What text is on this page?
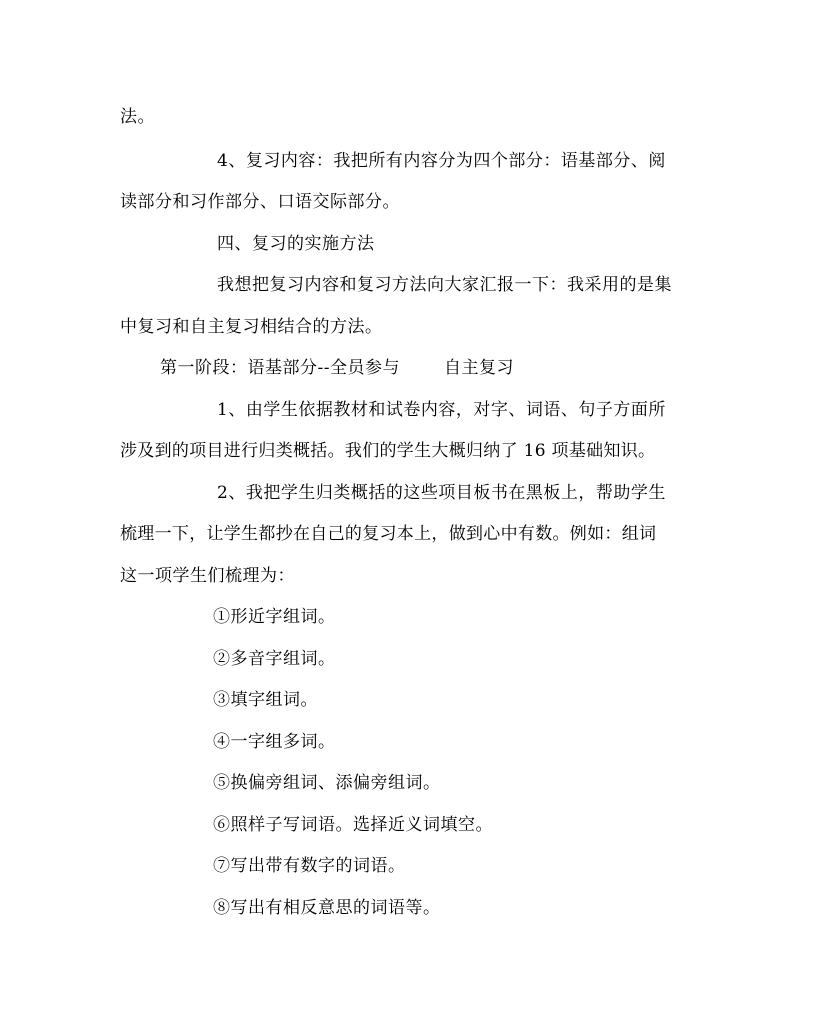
法。
4、复习内容：我把所有内容分为四个部分：语基部分、阅
读部分和习作部分、口语交际部分。
四、复习的实施方法
我想把复习内容和复习方法向大家汇报一下：我采用的是集
中复习和自主复习相结合的方法。
第一阶段：语基部分--全员参与	自主复习
1、由学生依据教材和试卷内容，对字、词语、句子方面所
涉及到的项目进行归类概括。我们的学生大概归纳了 16 项基础知识。
2、我把学生归类概括的这些项目板书在黑板上，帮助学生
梳理一下，让学生都抄在自己的复习本上，做到心中有数。例如：组词
这一项学生们梳理为：
①形近字组词。
②多音字组词。
③填字组词。
④一字组多词。
⑤换偏旁组词、添偏旁组词。
⑥照样子写词语。选择近义词填空。
⑦写出带有数字的词语。
⑧写出有相反意思的词语等。
